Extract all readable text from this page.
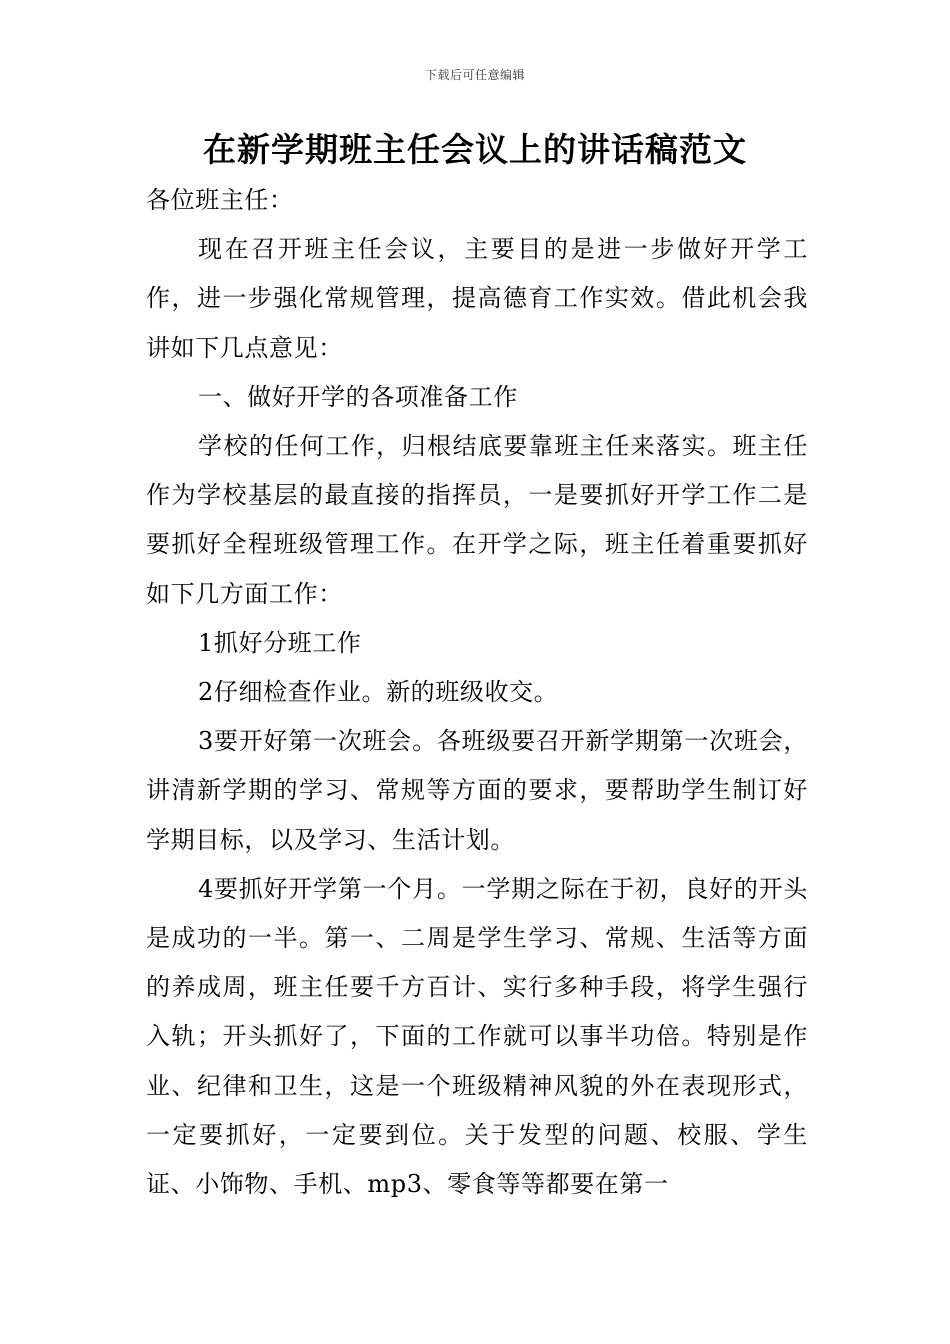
下载后可任意编辑
在新学期班主任会议上的讲话稿范文

各位班主任：

现在召开班主任会议，主要目的是进一步做好开学工作，进一步强化常规管理，提高德育工作实效。借此机会我讲如下几点意见：

一、做好开学的各项准备工作

学校的任何工作，归根结底要靠班主任来落实。班主任作为学校基层的最直接的指挥员，一是要抓好开学工作二是要抓好全程班级管理工作。在开学之际，班主任着重要抓好如下几方面工作：

1抓好分班工作

2仔细检查作业。新的班级收交。

3要开好第一次班会。各班级要召开新学期第一次班会，讲清新学期的学习、常规等方面的要求，要帮助学生制订好学期目标，以及学习、生活计划。

4要抓好开学第一个月。一学期之际在于初，良好的开头是成功的一半。第一、二周是学生学习、常规、生活等方面的养成周，班主任要千方百计、实行多种手段，将学生强行入轨；开头抓好了，下面的工作就可以事半功倍。特别是作业、纪律和卫生，这是一个班级精神风貌的外在表现形式，一定要抓好，一定要到位。关于发型的问题、校服、学生证、小饰物、手机、mp3、零食等等都要在第一
